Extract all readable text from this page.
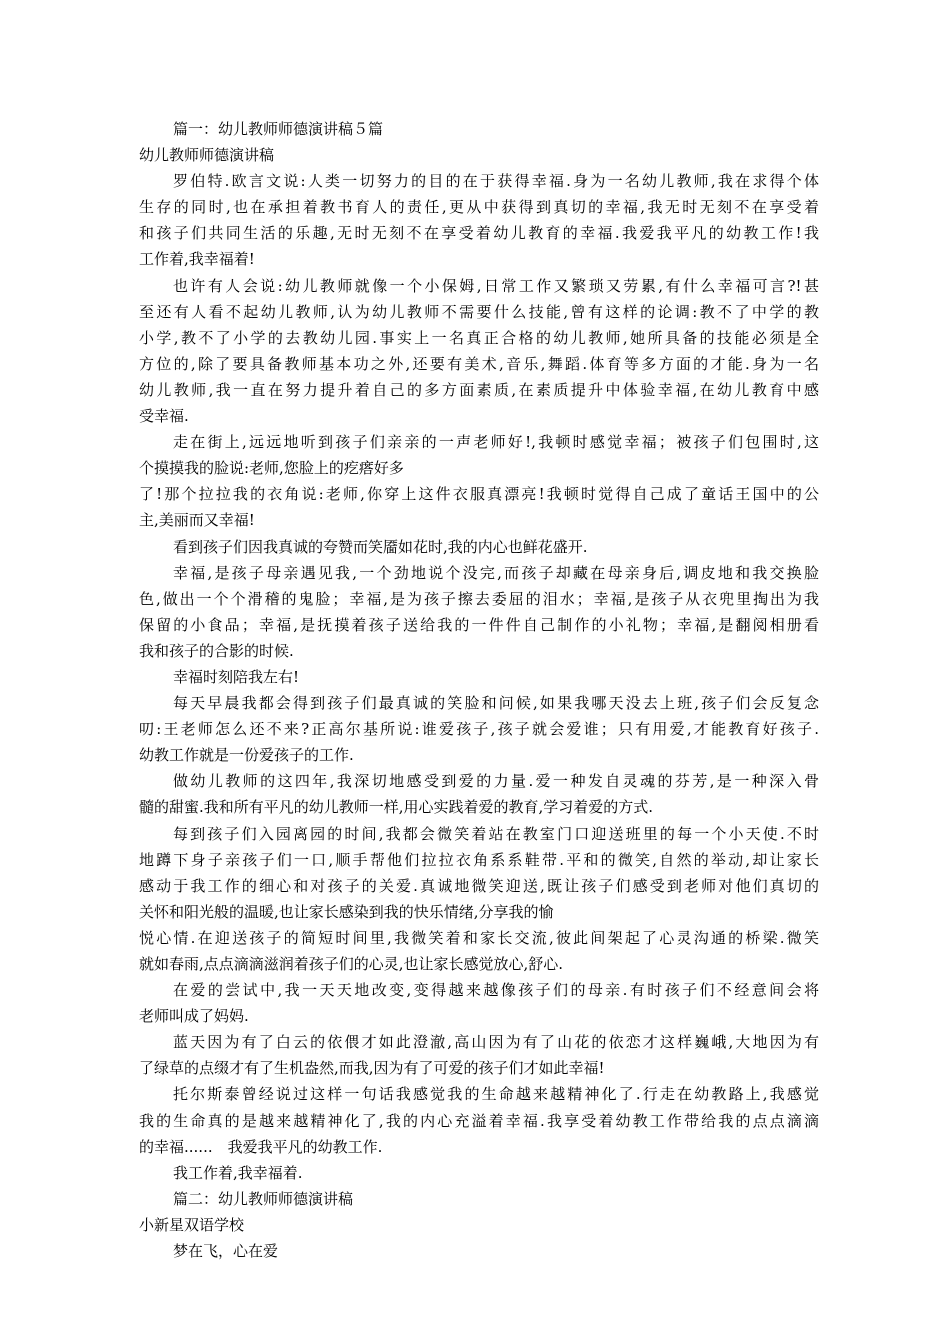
篇一：幼儿教师师德演讲稿５篇
幼儿教师师德演讲稿
罗伯特.欧言文说:人类一切努力的目的在于获得幸福.身为一名幼儿教师,我在求得个体
生存的同时,也在承担着教书育人的责任,更从中获得到真切的幸福,我无时无刻不在享受着
和孩子们共同生活的乐趣,无时无刻不在享受着幼儿教育的幸福.我爱我平凡的幼教工作!我
工作着,我幸福着!
也许有人会说:幼儿教师就像一个小保姆,日常工作又繁琐又劳累,有什么幸福可言?!甚
至还有人看不起幼儿教师,认为幼儿教师不需要什么技能,曾有这样的论调:教不了中学的教
小学,教不了小学的去教幼儿园.事实上一名真正合格的幼儿教师,她所具备的技能必须是全
方位的,除了要具备教师基本功之外,还要有美术,音乐,舞蹈.体育等多方面的才能.身为一名
幼儿教师,我一直在努力提升着自己的多方面素质,在素质提升中体验幸福,在幼儿教育中感
受幸福.
走在街上,远远地听到孩子们亲亲的一声老师好!,我顿时感觉幸福；被孩子们包围时,这
个摸摸我的脸说:老师,您脸上的疙瘩好多
了!那个拉拉我的衣角说:老师,你穿上这件衣服真漂亮!我顿时觉得自己成了童话王国中的公
主,美丽而又幸福!
看到孩子们因我真诚的夸赞而笑靥如花时,我的内心也鲜花盛开.
幸福,是孩子母亲遇见我,一个劲地说个没完,而孩子却藏在母亲身后,调皮地和我交换脸
色,做出一个个滑稽的鬼脸；幸福,是为孩子擦去委屈的泪水；幸福,是孩子从衣兜里掏出为我
保留的小食品；幸福,是抚摸着孩子送给我的一件件自己制作的小礼物；幸福,是翻阅相册看
我和孩子的合影的时候.
幸福时刻陪我左右!
每天早晨我都会得到孩子们最真诚的笑脸和问候,如果我哪天没去上班,孩子们会反复念
叨:王老师怎么还不来?正高尔基所说:谁爱孩子,孩子就会爱谁；只有用爱,才能教育好孩子.
幼教工作就是一份爱孩子的工作.
做幼儿教师的这四年,我深切地感受到爱的力量.爱一种发自灵魂的芬芳,是一种深入骨
髓的甜蜜.我和所有平凡的幼儿教师一样,用心实践着爱的教育,学习着爱的方式.
每到孩子们入园离园的时间,我都会微笑着站在教室门口迎送班里的每一个小天使.不时
地蹲下身子亲孩子们一口,顺手帮他们拉拉衣角系系鞋带.平和的微笑,自然的举动,却让家长
感动于我工作的细心和对孩子的关爱.真诚地微笑迎送,既让孩子们感受到老师对他们真切的
关怀和阳光般的温暖,也让家长感染到我的快乐情绪,分享我的愉
悦心情.在迎送孩子的简短时间里,我微笑着和家长交流,彼此间架起了心灵沟通的桥梁.微笑
就如春雨,点点滴滴滋润着孩子们的心灵,也让家长感觉放心,舒心.
在爱的尝试中,我一天天地改变,变得越来越像孩子们的母亲.有时孩子们不经意间会将
老师叫成了妈妈.
蓝天因为有了白云的依偎才如此澄澈,高山因为有了山花的依恋才这样巍峨,大地因为有
了绿草的点缀才有了生机盎然,而我,因为有了可爱的孩子们才如此幸福!
托尔斯泰曾经说过这样一句话我感觉我的生命越来越精神化了.行走在幼教路上,我感觉
我的生命真的是越来越精神化了,我的内心充溢着幸福.我享受着幼教工作带给我的点点滴滴
的幸福......　我爱我平凡的幼教工作.
我工作着,我幸福着.
篇二：幼儿教师师德演讲稿
小新星双语学校
梦在飞，心在爱
